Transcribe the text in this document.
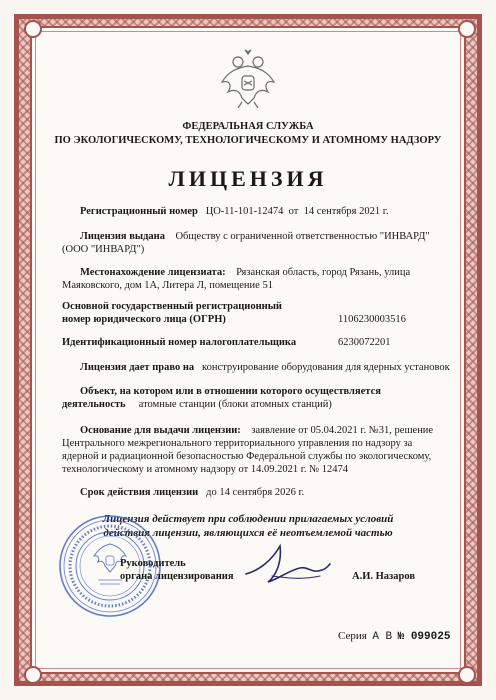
ФЕДЕРАЛЬНАЯ СЛУЖБА
ПО ЭКОЛОГИЧЕСКОМУ, ТЕХНОЛОГИЧЕСКОМУ И АТОМНОМУ НАДЗОРУ
ЛИЦЕНЗИЯ
Регистрационный номер ЦО-11-101-12474 от 14 сентября 2021 г.
Лицензия выдана Обществу с ограниченной ответственностью "ИНВАРД"
(ООО "ИНВАРД")
Местонахождение лицензиата: Рязанская область, город Рязань, улица
Маяковского, дом 1А, Литера Л, помещение 51
Основной государственный регистрационный
номер юридического лица (ОГРН)	1106230003516
Идентификационный номер налогоплательщика	6230072201
Лицензия дает право на конструирование оборудования для ядерных установок
Объект, на котором или в отношении которого осуществляется
деятельность атомные станции (блоки атомных станций)
Основание для выдачи лицензии: заявление от 05.04.2021 г. №31, решение
Центрального межрегионального территориального управления по надзору за
ядерной и радиационной безопасностью Федеральной службы по экологическому,
технологическому и атомному надзору от 14.09.2021 г. № 12474
Срок действия лицензии до 14 сентября 2026 г.
Лицензия действует при соблюдении прилагаемых условий
действия лицензии, являющихся её неотъемлемой частью
Руководитель
органа лицензирования	А.И. Назаров
Серия А В № 099025
